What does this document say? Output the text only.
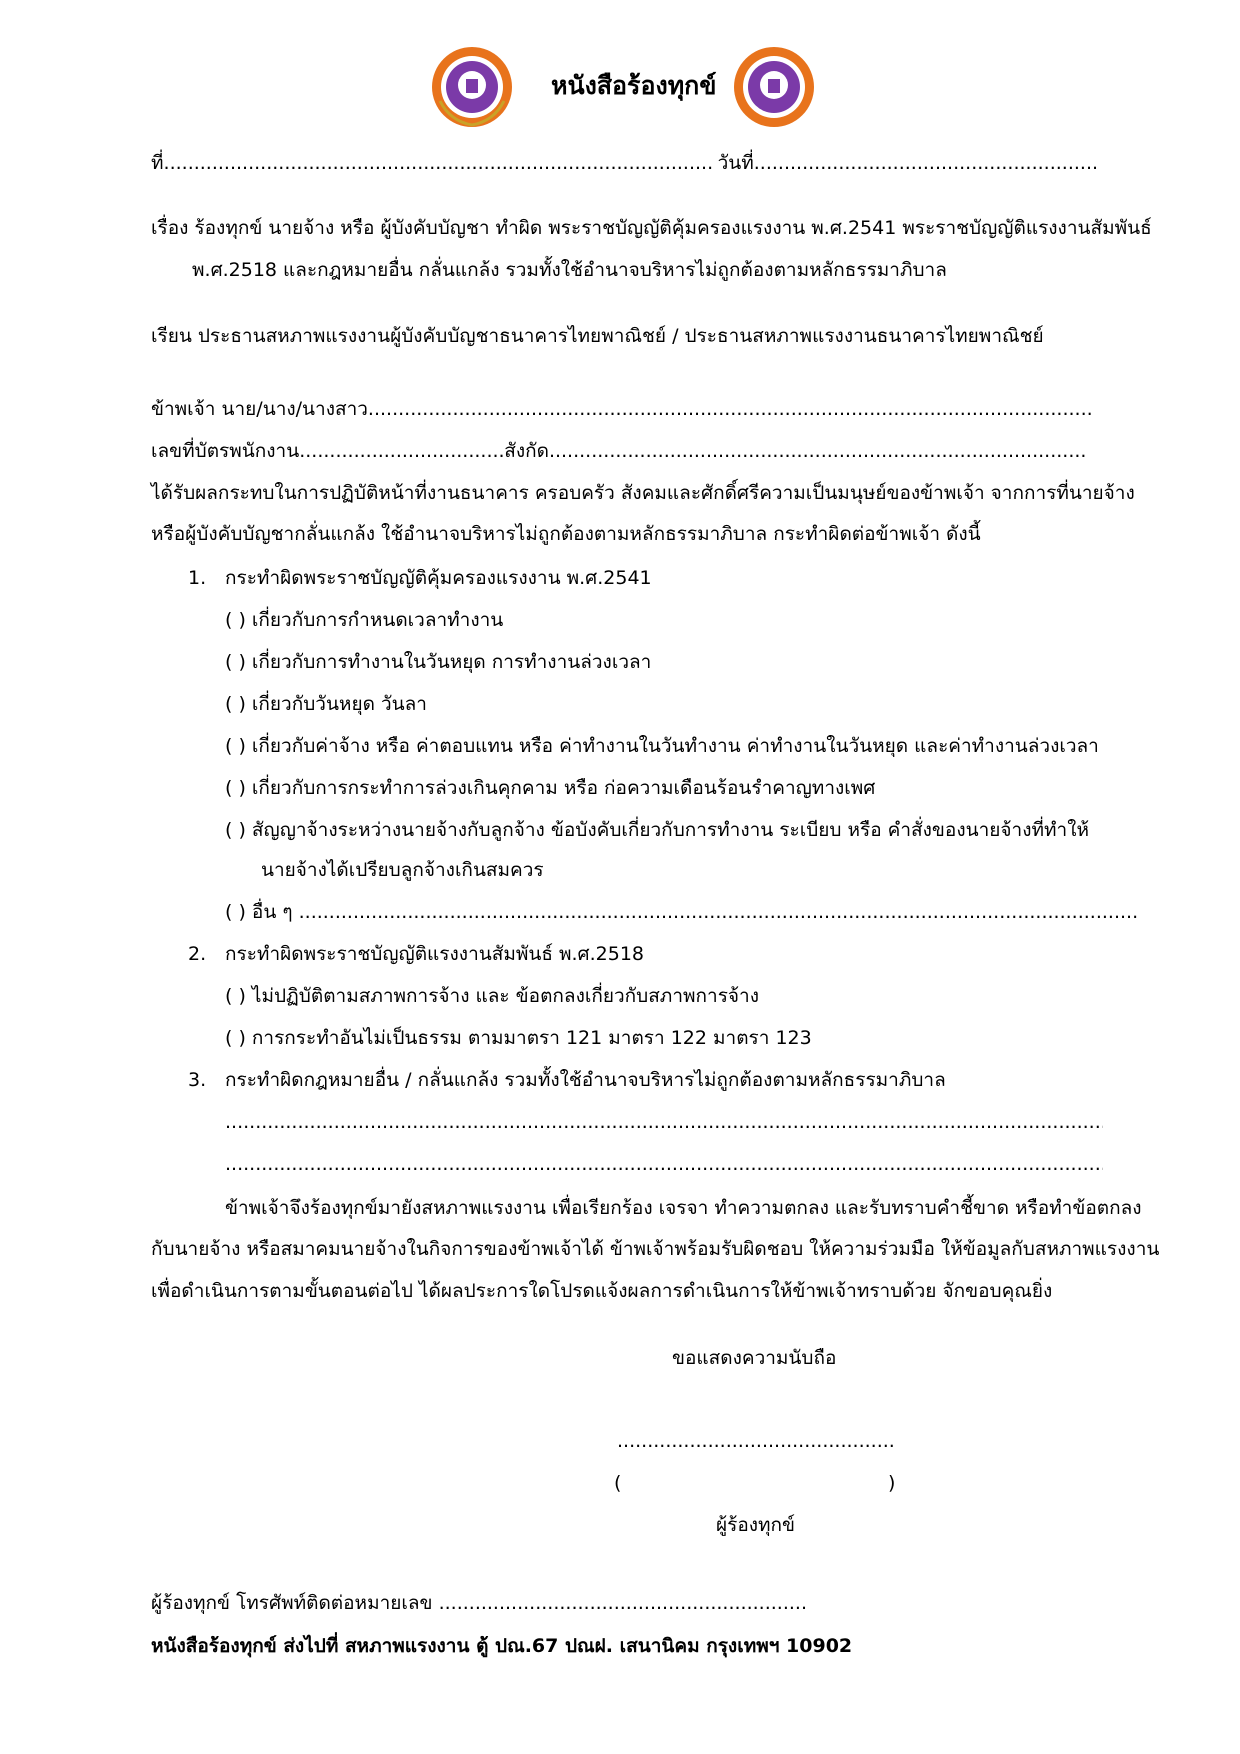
หนังสือร้องทุกข์
ที่ .....	วันที่.....
เรื่อง ร้องทุกข์ นายจ้าง หรือ ผู้บังคับบัญชา ทำผิด พระราชบัญญัติคุ้มครองแรงงาน พ.ศ.2541 พระราชบัญญัติแรงงานสัมพันธ์
พ.ศ.2518 และกฎหมายอื่น กลั่นแกล้ง รวมทั้งใช้อำนาจบริหารไม่ถูกต้องตามหลักธรรมาภิบาล
เรียน ประธานสหภาพแรงงานผู้บังคับบัญชาธนาคารไทยพาณิชย์ / ประธานสหภาพแรงงานธนาคารไทยพาณิชย์
ข้าพเจ้า นาย/นาง/นางสาว.....
เลขที่บัตรพนักงาน .....	สังกัด.....
ได้รับผลกระทบในการปฏิบัติหน้าที่งานธนาคาร ครอบครัว สังคมและศักดิ์ศรีความเป็นมนุษย์ของข้าพเจ้า จากการที่นายจ้าง
หรือผู้บังคับบัญชากลั่นแกล้ง ใช้อำนาจบริหารไม่ถูกต้องตามหลักธรรมาภิบาล กระทำผิดต่อข้าพเจ้า ดังนี้
1. กระทำผิดพระราชบัญญัติคุ้มครองแรงงาน พ.ศ.2541
( ) เกี่ยวกับการกำหนดเวลาทำงาน
( ) เกี่ยวกับการทำงานในวันหยุด การทำงานล่วงเวลา
( ) เกี่ยวกับวันหยุด วันลา
( ) เกี่ยวกับค่าจ้าง หรือ ค่าตอบแทน หรือ ค่าทำงานในวันทำงาน ค่าทำงานในวันหยุด และค่าทำงานล่วงเวลา
( ) เกี่ยวกับการกระทำการล่วงเกินคุกคาม หรือ ก่อความเดือนร้อนรำคาญทางเพศ
( ) สัญญาจ้างระหว่างนายจ้างกับลูกจ้าง ข้อบังคับเกี่ยวกับการทำงาน ระเบียบ หรือ คำสั่งของนายจ้างที่ทำให้
นายจ้างได้เปรียบลูกจ้างเกินสมควร
( ) อื่น ๆ .....
2. กระทำผิดพระราชบัญญัติแรงงานสัมพันธ์ พ.ศ.2518
( ) ไม่ปฏิบัติตามสภาพการจ้าง และ ข้อตกลงเกี่ยวกับสภาพการจ้าง
( ) การกระทำอันไม่เป็นธรรม ตามมาตรา 121 มาตรา 122 มาตรา 123
3. กระทำผิดกฎหมายอื่น / กลั่นแกล้ง รวมทั้งใช้อำนาจบริหารไม่ถูกต้องตามหลักธรรมาภิบาล
.....
.....
ข้าพเจ้าจึงร้องทุกข์มายังสหภาพแรงงาน เพื่อเรียกร้อง เจรจา ทำความตกลง และรับทราบคำชี้ขาด หรือทำข้อตกลง
กับนายจ้าง หรือสมาคมนายจ้างในกิจการของข้าพเจ้าได้ ข้าพเจ้าพร้อมรับผิดชอบ ให้ความร่วมมือ ให้ข้อมูลกับสหภาพแรงงาน
เพื่อดำเนินการตามขั้นตอนต่อไป ได้ผลประการใดโปรดแจ้งผลการดำเนินการให้ข้าพเจ้าทราบด้วย จักขอบคุณยิ่ง
ขอแสดงความนับถือ
.....
(	)
ผู้ร้องทุกข์
ผู้ร้องทุกข์ โทรศัพท์ติดต่อหมายเลข .....
หนังสือร้องทุกข์ ส่งไปที่ สหภาพแรงงาน ตู้ ปณ.67 ปณฝ. เสนานิคม กรุงเทพฯ 10902
